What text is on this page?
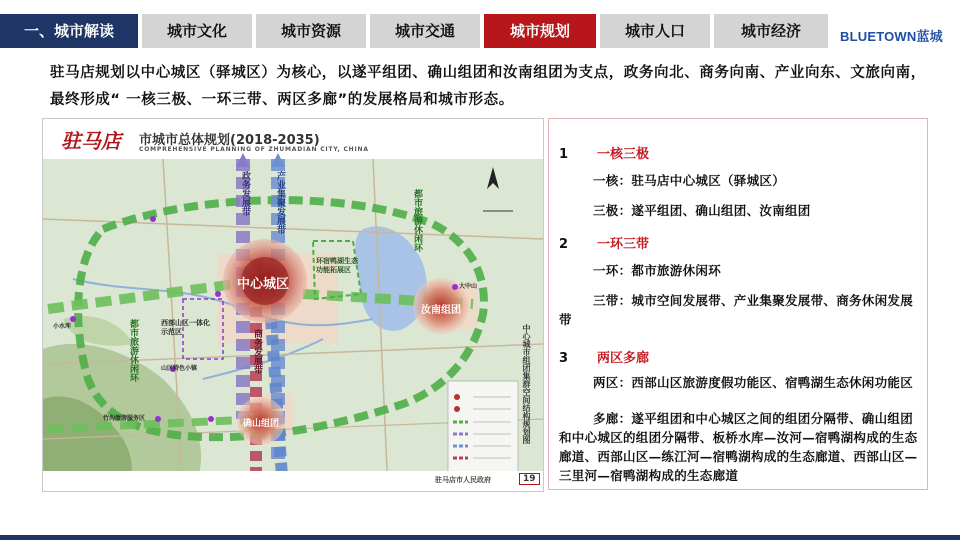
一、城市解读	城市文化	城市资源	城市交通	城市规划	城市人口	城市经济	BLUETOWN蓝城
驻马店规划以中心城区（驿城区）为核心，以遂平组团、确山组团和汝南组团为支点，政务向北、商务向南、产业向东、文旅向南，最终形成“ 一核三极、一环三带、两区多廊”的发展格局和城市形态。
驻马店 市城市总体规划(2018-2035)
COMPREHENSIVE PLANNING OF ZHUMADIAN CITY, CHINA
中心城区
汝南组团
确山组团
政务发展带	产业集聚发展带
商务发展带
都市旅游休闲环
都市旅游休闲环
环宿鸭湖生态功能拓展区
西部山区一体化示范区
山区特色小镇
竹沟旅游服务区
大中山
小水库	中心城市组团集群空间结构规划图
驻马店市人民政府	19
1 一核三极
一核：驻马店中心城区（驿城区）
三极：遂平组团、确山组团、汝南组团
2 一环三带
一环：都市旅游休闲环
三带：城市空间发展带、产业集聚发展带、商务休闲发展带
3 两区多廊
两区：西部山区旅游度假功能区、宿鸭湖生态休闲功能区
多廊：遂平组团和中心城区之间的组团分隔带、确山组团和中心城区的组团分隔带、板桥水库—汝河—宿鸭湖构成的生态廊道、西部山区—练江河—宿鸭湖构成的生态廊道、西部山区—三里河—宿鸭湖构成的生态廊道
